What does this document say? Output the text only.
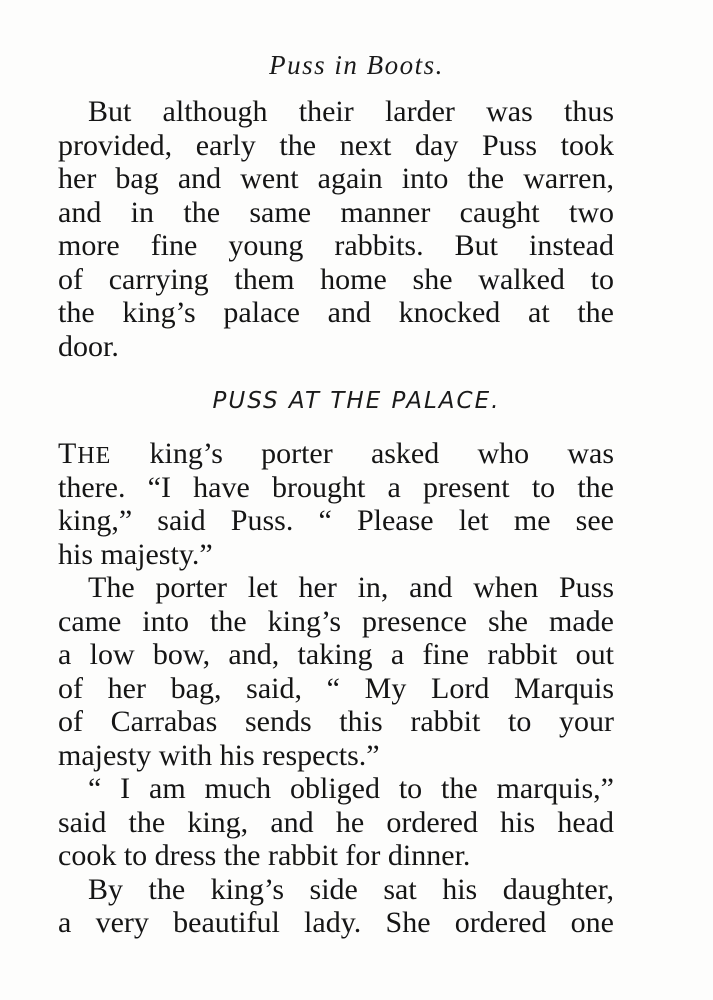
Puss in Boots.
But although their larder was thus
provided, early the next day Puss took
her bag and went again into the warren,
and in the same manner caught two
more fine young rabbits. But instead
of carrying them home she walked to
the king’s palace and knocked at the
door.
PUSS AT THE PALACE.
THE king’s porter asked who was
there. “I have brought a present to the
king,” said Puss. “ Please let me see
his majesty.”
The porter let her in, and when Puss
came into the king’s presence she made
a low bow, and, taking a fine rabbit out
of her bag, said, “ My Lord Marquis
of Carrabas sends this rabbit to your
majesty with his respects.”
“ I am much obliged to the marquis,”
said the king, and he ordered his head
cook to dress the rabbit for dinner.
By the king’s side sat his daughter,
a very beautiful lady. She ordered one
